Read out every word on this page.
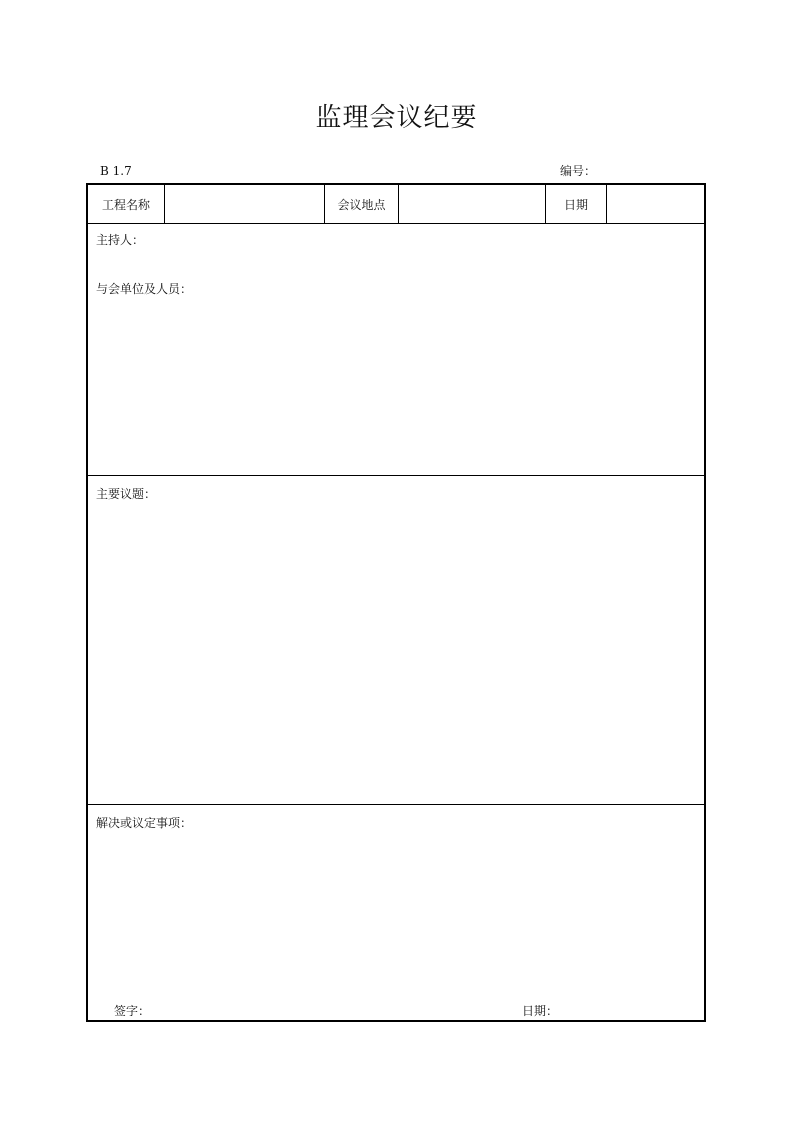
监理会议纪要
B 1.7	编号：
工程名称	会议地点	日期
主持人：
与会单位及人员：
主要议题：
解决或议定事项：
签字：	日期：
